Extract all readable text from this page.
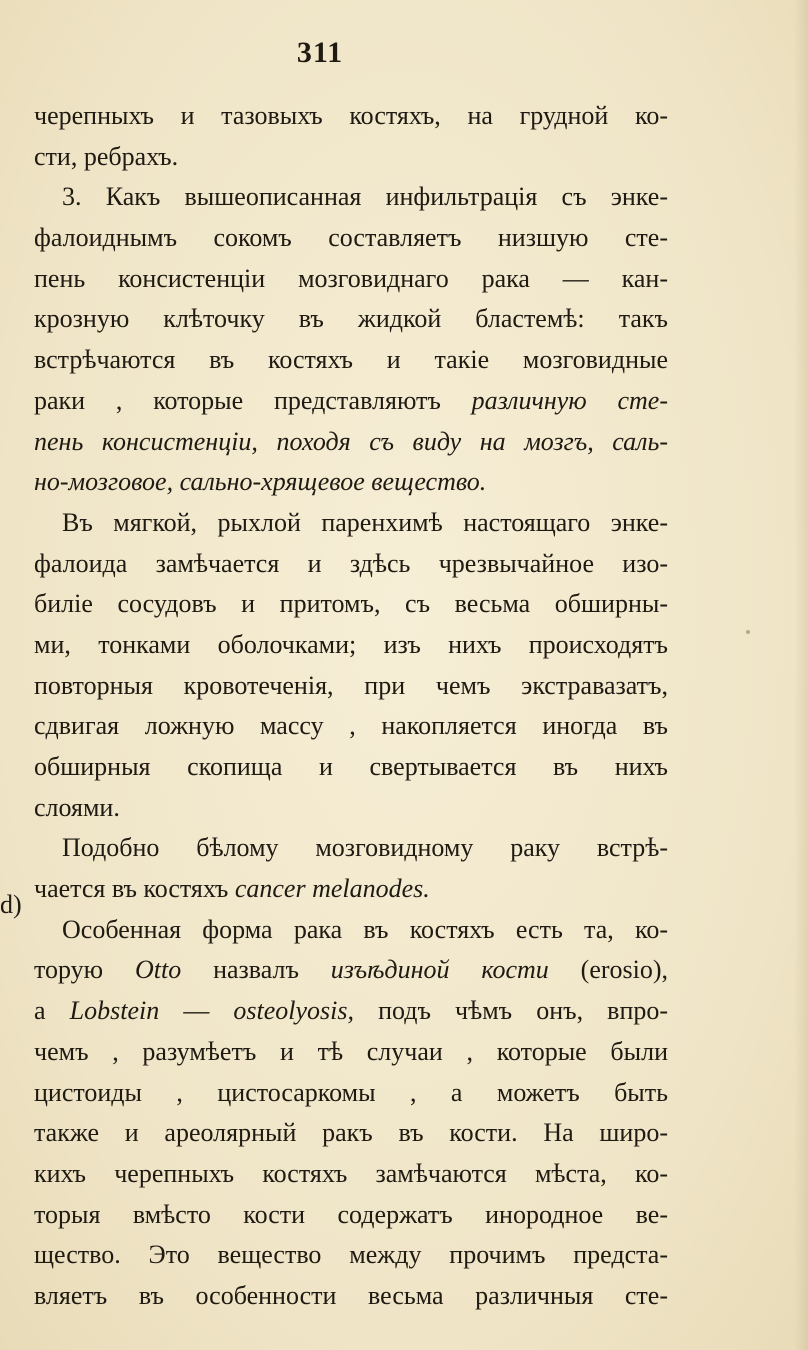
311
d)
черепныхъ и тазовыхъ костяхъ, на грудной ко-
сти, ребрахъ.
3. Какъ вышеописанная инфильтрація съ энке-
фалоиднымъ сокомъ составляетъ низшую сте-
пень консистенціи мозговиднаго рака — кан-
крозную клѣточку въ жидкой бластемѣ: такъ
встрѣчаются въ костяхъ и такіе мозговидные
раки , которые представляютъ различную сте-
пень консистенціи, походя съ виду на мозгъ, саль-
но-мозговое, сально-хрящевое вещество.
Въ мягкой, рыхлой паренхимѣ настоящаго энке-
фалоида замѣчается и здѣсь чрезвычайное изо-
биліе сосудовъ и притомъ, съ весьма обширны-
ми, тонками оболочками; изъ нихъ происходятъ
повторныя кровотеченія, при чемъ экстравазатъ,
сдвигая ложную массу , накопляется иногда въ
обширныя скопища и свертывается въ нихъ
слоями.
Подобно бѣлому мозговидному раку встрѣ-
чается въ костяхъ cancer melanodes.
Особенная форма рака въ костяхъ есть та, ко-
торую Otto назвалъ изъѣдиной кости (erosio),
а Lobstein — osteolyosis, подъ чѣмъ онъ, впро-
чемъ , разумѣетъ и тѣ случаи , которые были
цистоиды , цистосаркомы , а можетъ быть
также и ареолярный ракъ въ кости. На широ-
кихъ черепныхъ костяхъ замѣчаются мѣста, ко-
торыя вмѣсто кости содержатъ инородное ве-
щество. Это вещество между прочимъ предста-
вляетъ въ особенности весьма различныя сте-
